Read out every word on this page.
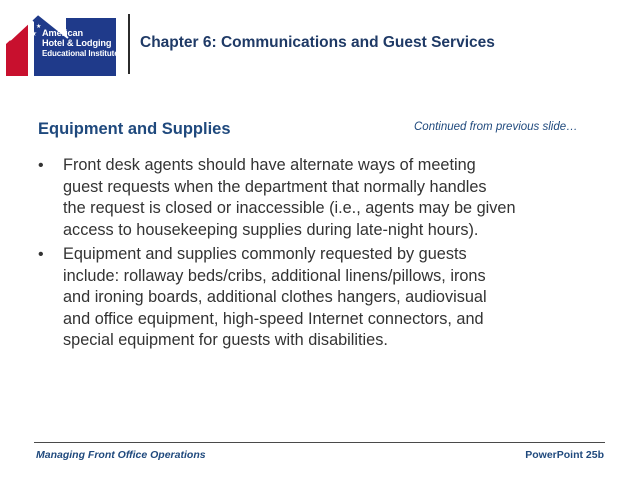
★
★
American
Hotel & Lodging
Educational Institute
Chapter 6: Communications and Guest Services
Equipment and Supplies	Continued from previous slide…
• Front desk agents should have alternate ways of meeting
guest requests when the department that normally handles
the request is closed or inaccessible (i.e., agents may be given
access to housekeeping supplies during late-night hours).
• Equipment and supplies commonly requested by guests
include: rollaway beds/cribs, additional linens/pillows, irons
and ironing boards, additional clothes hangers, audiovisual
and office equipment, high-speed Internet connectors, and
special equipment for guests with disabilities.
Managing Front Office Operations	PowerPoint 25b
